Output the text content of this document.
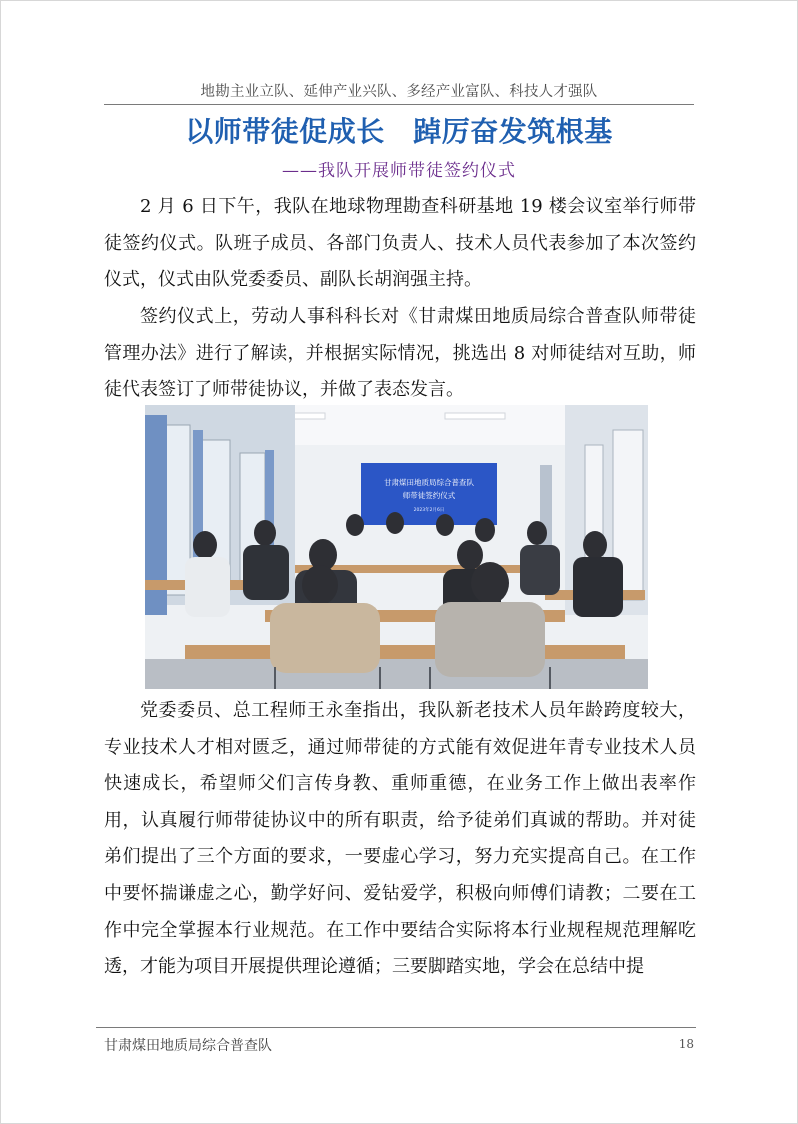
地勘主业立队、延伸产业兴队、多经产业富队、科技人才强队
以师带徒促成长　踔厉奋发筑根基
——我队开展师带徒签约仪式

2 月 6 日下午，我队在地球物理勘查科研基地 19 楼会议室举行师带徒签约仪式。队班子成员、各部门负责人、技术人员代表参加了本次签约仪式，仪式由队党委委员、副队长胡润强主持。

签约仪式上，劳动人事科科长对《甘肃煤田地质局综合普查队师带徒管理办法》进行了解读，并根据实际情况，挑选出 8 对师徒结对互助，师徒代表签订了师带徒协议，并做了表态发言。

甘肃煤田地质局综合普查队
师带徒签约仪式
2023年2月6日

党委委员、总工程师王永奎指出，我队新老技术人员年龄跨度较大，专业技术人才相对匮乏，通过师带徒的方式能有效促进年青专业技术人员快速成长，希望师父们言传身教、重师重德，在业务工作上做出表率作用，认真履行师带徒协议中的所有职责，给予徒弟们真诚的帮助。并对徒弟们提出了三个方面的要求，一要虚心学习，努力充实提高自己。在工作中要怀揣谦虚之心，勤学好问、爱钻爱学，积极向师傅们请教；二要在工作中完全掌握本行业规范。在工作中要结合实际将本行业规程规范理解吃透，才能为项目开展提供理论遵循；三要脚踏实地，学会在总结中提

甘肃煤田地质局综合普查队	18
